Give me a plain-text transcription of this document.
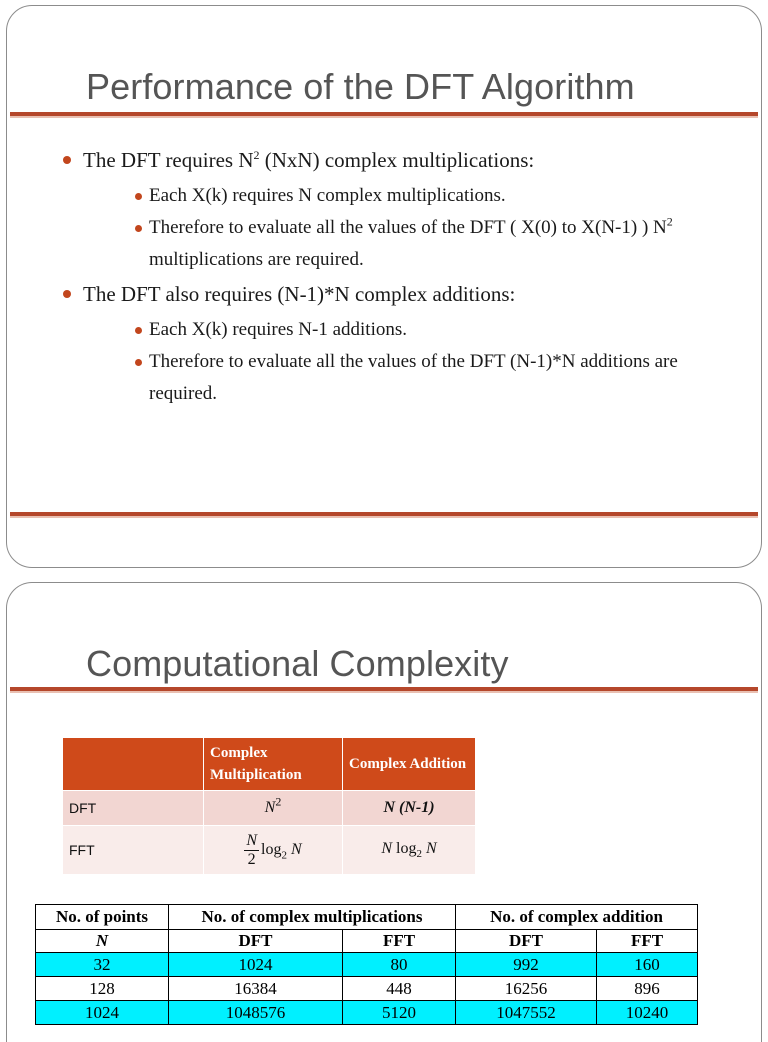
Performance of the DFT Algorithm
The DFT requires $N^2$ (NxN) complex multiplications:
Each X(k) requires N complex multiplications.
Therefore to evaluate all the values of the DFT ( X(0) to X(N-1) ) $N^2$ multiplications are required.
The DFT also requires (N-1)*N complex additions:
Each X(k) requires N-1 additions.
Therefore to evaluate all the values of the DFT (N-1)*N additions are required.
Computational Complexity
	Complex Multiplication	Complex Addition
DFT	$N^2$	N (N-1)
FFT	$\frac{N}{2} \log_2 N$	N $\log_2 N$
No. of points	No. of complex multiplications		No. of complex addition	
N	DFT	FFT	DFT	FFT
32	1024	80	992	160
128	16384	448	16256	896
1024	1048576	5120	1047552	10240
